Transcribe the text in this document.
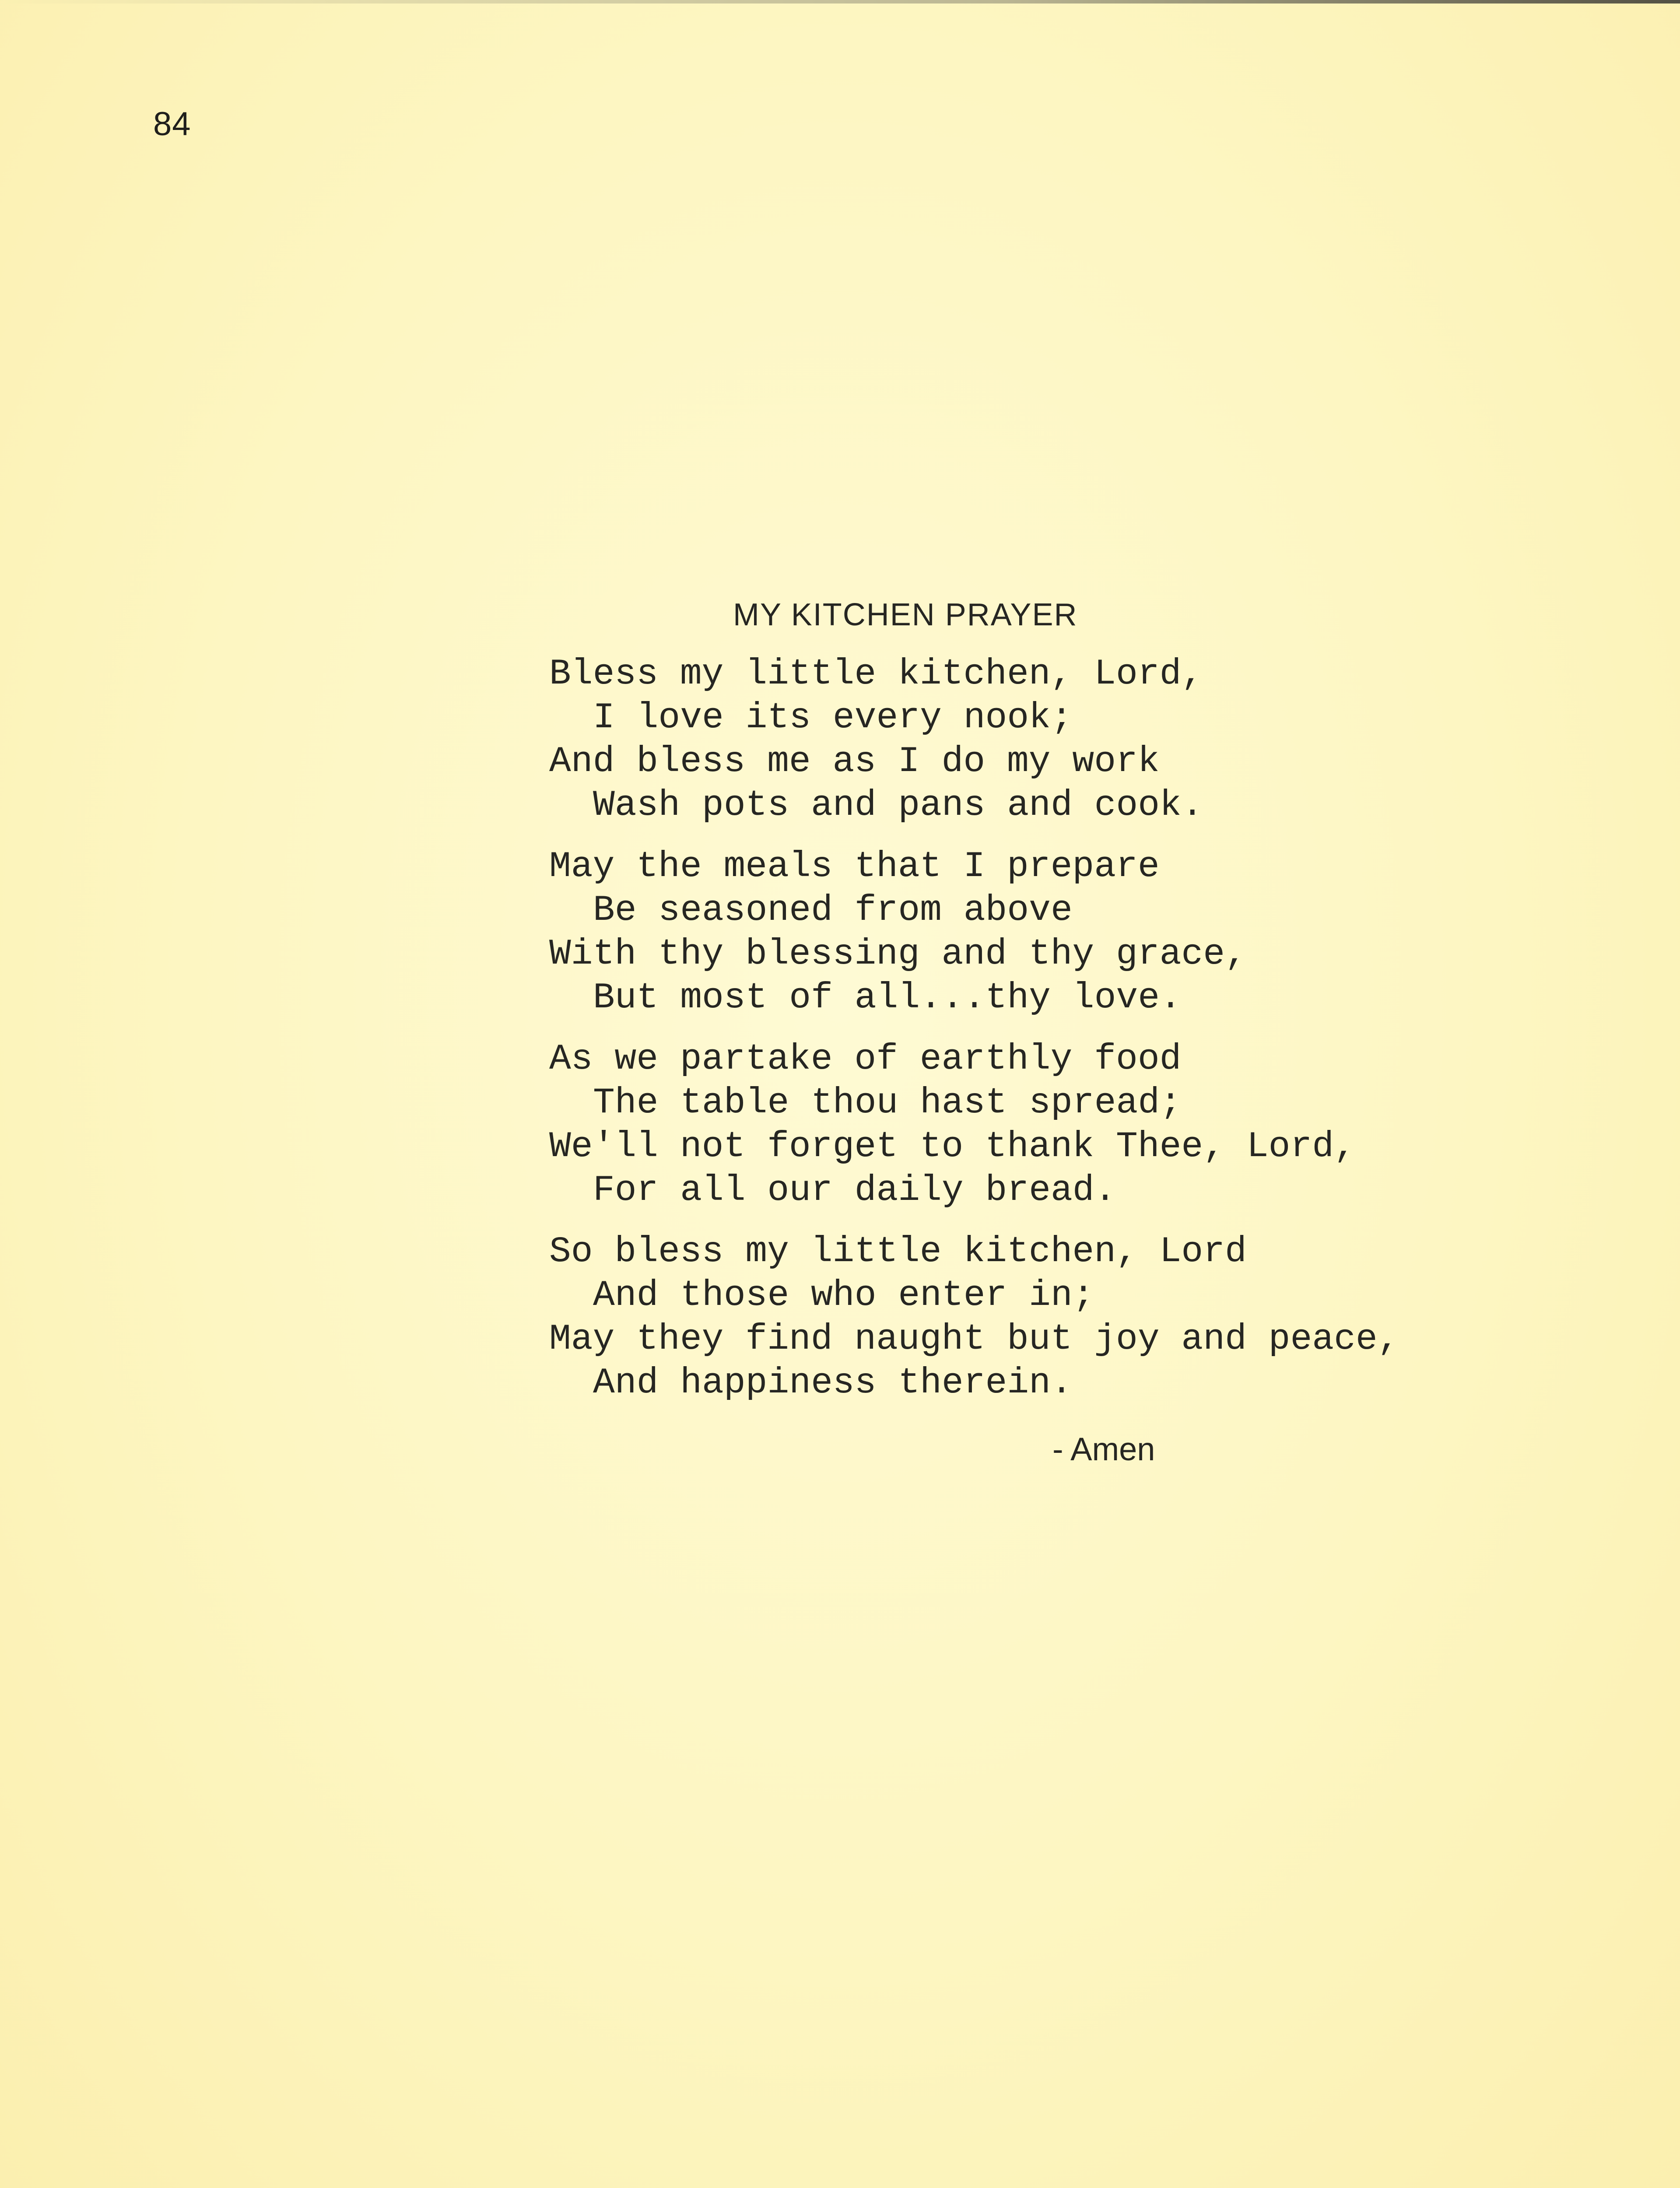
84
MY KITCHEN PRAYER
Bless my little kitchen, Lord,
I love its every nook;
And bless me as I do my work
Wash pots and pans and cook.
May the meals that I prepare
Be seasoned from above
With thy blessing and thy grace,
But most of all...thy love.
As we partake of earthly food
The table thou hast spread;
We'll not forget to thank Thee, Lord,
For all our daily bread.
So bless my little kitchen, Lord
And those who enter in;
May they find naught but joy and peace,
And happiness therein.
- Amen
